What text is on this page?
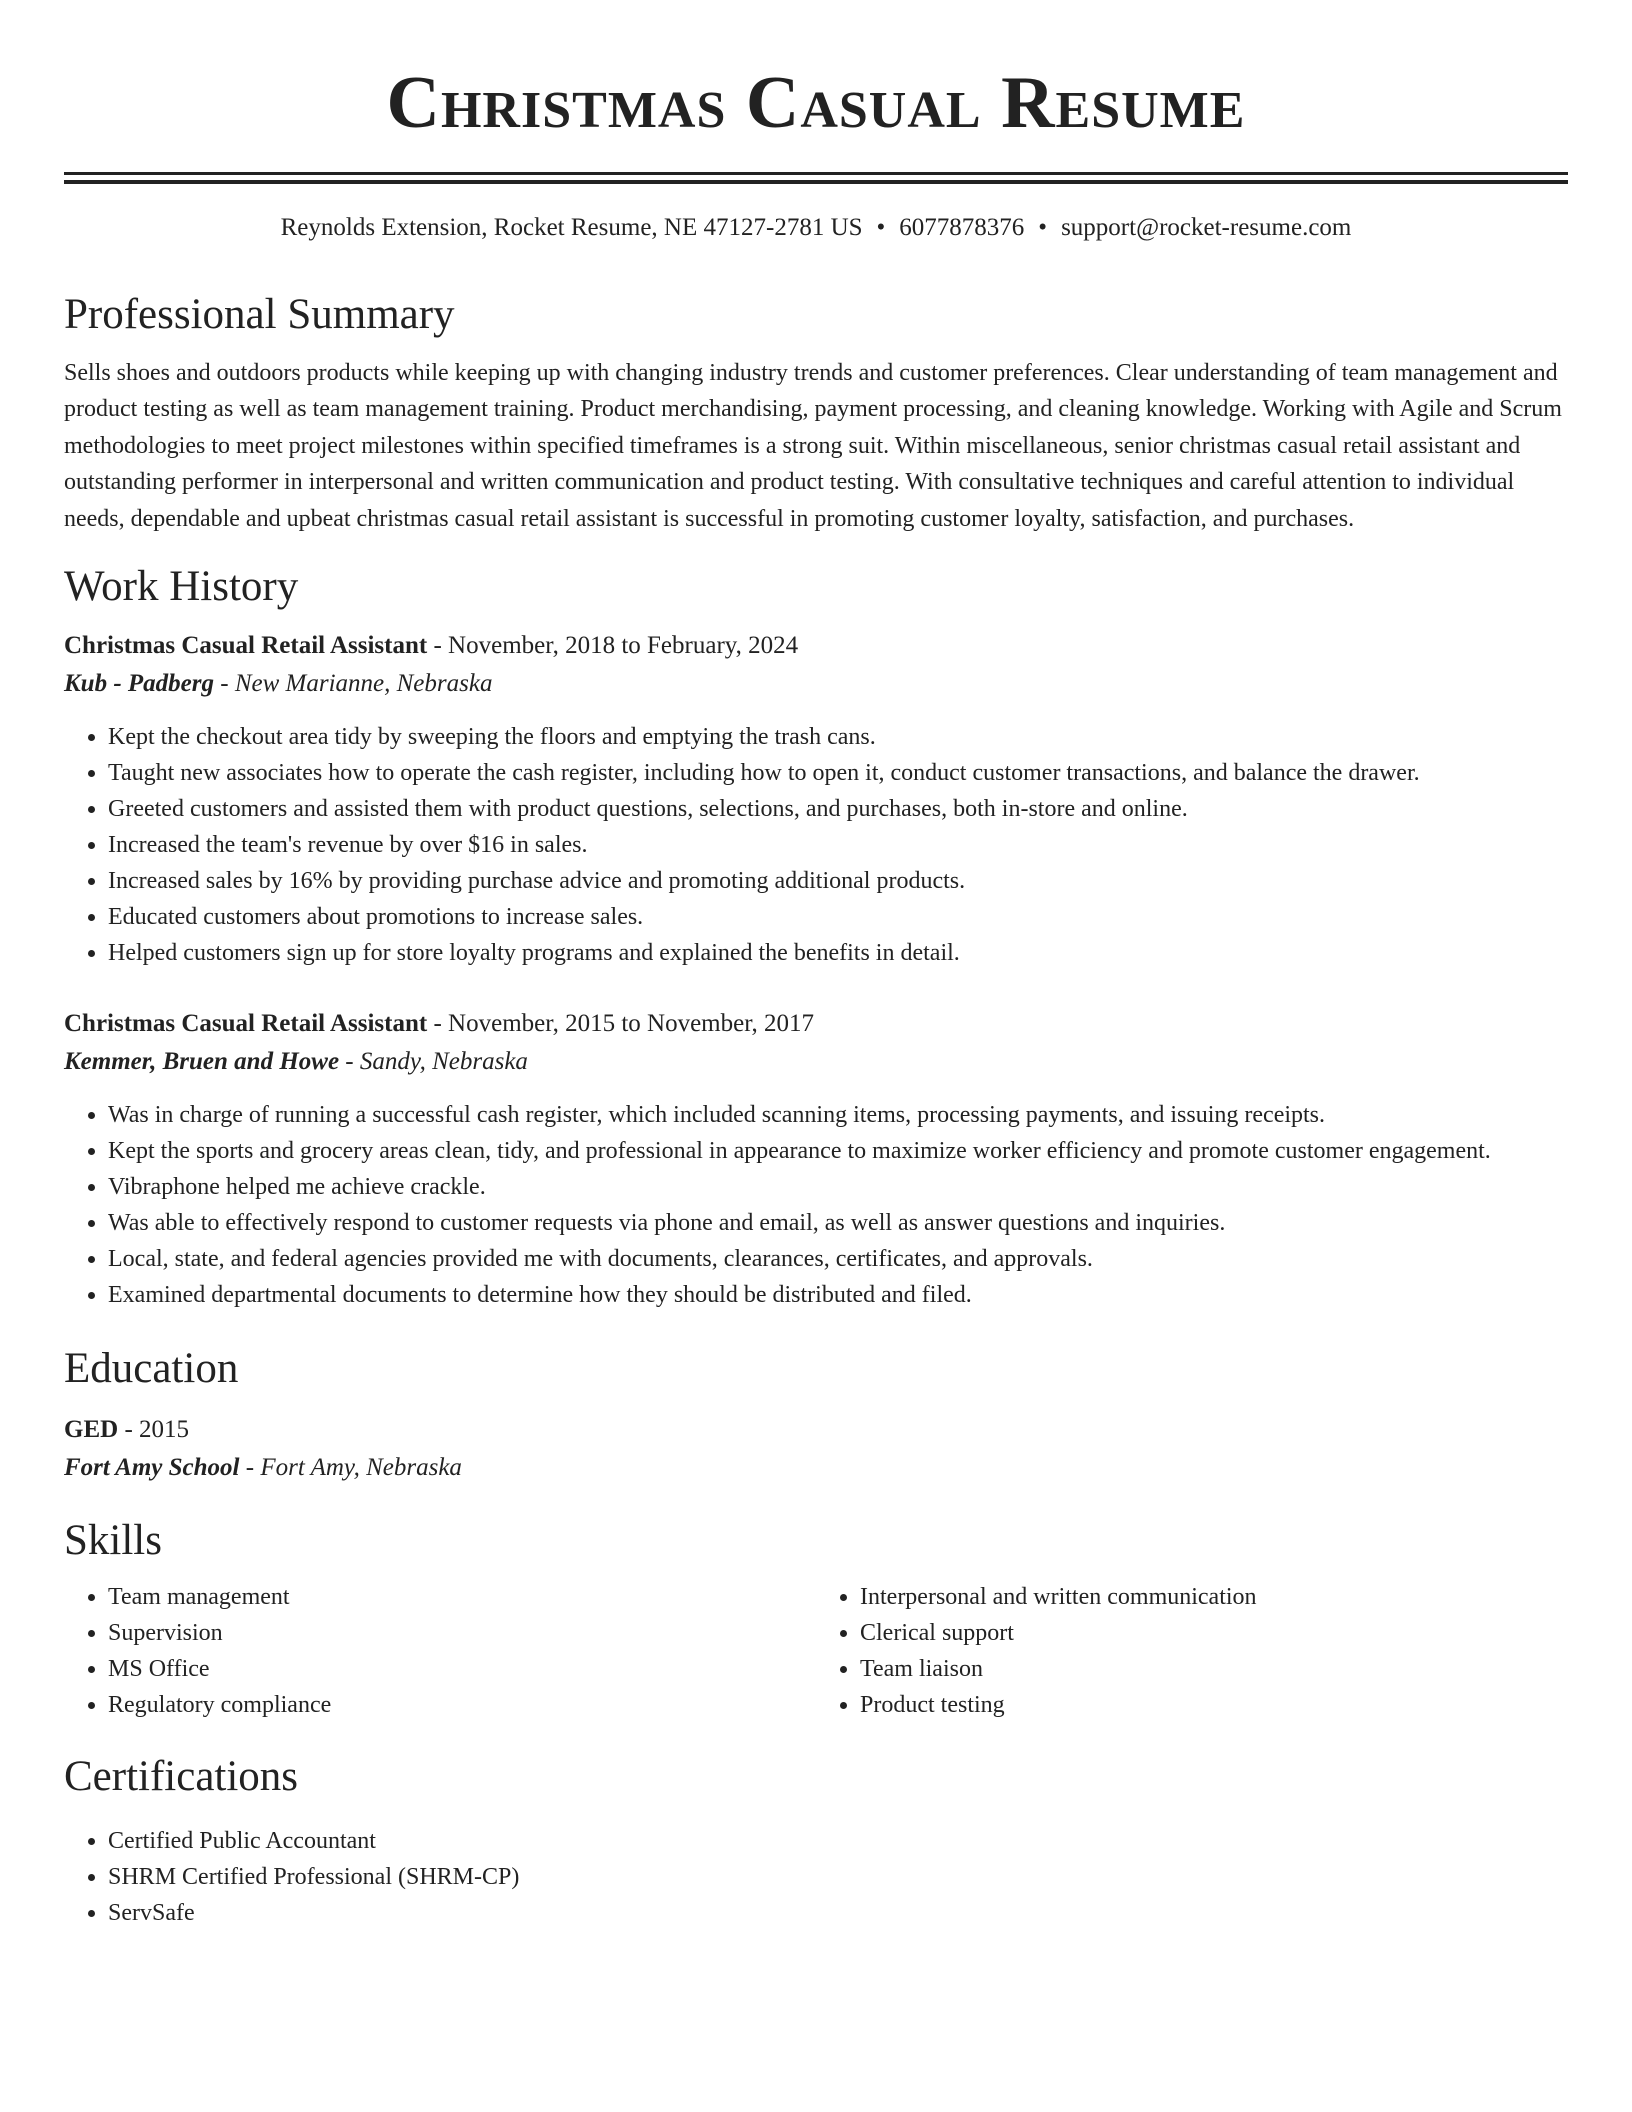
Christmas Casual Resume
Reynolds Extension, Rocket Resume, NE 47127-2781 US • 6077878376 • support@rocket-resume.com
Professional Summary

Sells shoes and outdoors products while keeping up with changing industry trends and customer preferences. Clear understanding of team management and product testing as well as team management training. Product merchandising, payment processing, and cleaning knowledge. Working with Agile and Scrum methodologies to meet project milestones within specified timeframes is a strong suit. Within miscellaneous, senior christmas casual retail assistant and outstanding performer in interpersonal and written communication and product testing. With consultative techniques and careful attention to individual needs, dependable and upbeat christmas casual retail assistant is successful in promoting customer loyalty, satisfaction, and purchases.

Work History
Christmas Casual Retail Assistant - November, 2018 to February, 2024
Kub - Padberg - New Marianne, Nebraska
• Kept the checkout area tidy by sweeping the floors and emptying the trash cans.
• Taught new associates how to operate the cash register, including how to open it, conduct customer transactions, and balance the drawer.
• Greeted customers and assisted them with product questions, selections, and purchases, both in-store and online.
• Increased the team's revenue by over $16 in sales.
• Increased sales by 16% by providing purchase advice and promoting additional products.
• Educated customers about promotions to increase sales.
• Helped customers sign up for store loyalty programs and explained the benefits in detail.
Christmas Casual Retail Assistant - November, 2015 to November, 2017
Kemmer, Bruen and Howe - Sandy, Nebraska
• Was in charge of running a successful cash register, which included scanning items, processing payments, and issuing receipts.
• Kept the sports and grocery areas clean, tidy, and professional in appearance to maximize worker efficiency and promote customer engagement.
• Vibraphone helped me achieve crackle.
• Was able to effectively respond to customer requests via phone and email, as well as answer questions and inquiries.
• Local, state, and federal agencies provided me with documents, clearances, certificates, and approvals.
• Examined departmental documents to determine how they should be distributed and filed.
Education
GED - 2015
Fort Amy School - Fort Amy, Nebraska
Skills
• Team management
• Supervision
• MS Office
• Regulatory compliance
• Interpersonal and written communication
• Clerical support
• Team liaison
• Product testing
Certifications
• Certified Public Accountant
• SHRM Certified Professional (SHRM-CP)
• ServSafe
